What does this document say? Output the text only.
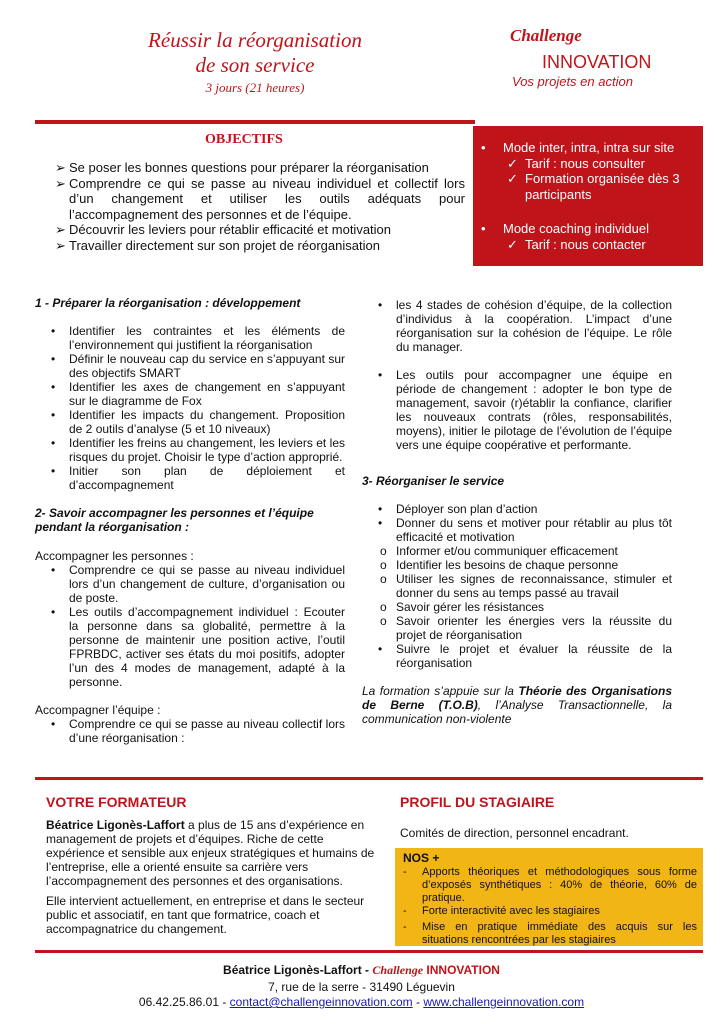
Réussir la réorganisation
de son service
3 jours (21 heures)
Challenge
INNOVATION
Vos projets en action
OBJECTIFS
➢ Se poser les bonnes questions pour préparer la réorganisation
➢ Comprendre ce qui se passe au niveau individuel et collectif lors d’un changement et utiliser les outils adéquats pour l’accompagnement des personnes et de l’équipe.
➢ Découvrir les leviers pour rétablir efficacité et motivation
➢ Travailler directement sur son projet de réorganisation
• Mode inter, intra, intra sur site
✓ Tarif : nous consulter
✓ Formation organisée dès 3 participants
• Mode coaching individuel
✓ Tarif : nous contacter
1 - Préparer la réorganisation : développement
• Identifier les contraintes et les éléments de l’environnement qui justifient la réorganisation
• Définir le nouveau cap du service en s’appuyant sur des objectifs SMART
• Identifier les axes de changement en s’appuyant sur le diagramme de Fox
• Identifier les impacts du changement. Proposition de 2 outils d’analyse (5 et 10 niveaux)
• Identifier les freins au changement, les leviers et les risques du projet. Choisir le type d’action approprié.
• Initier son plan de déploiement et d’accompagnement
2- Savoir accompagner les personnes et l’équipe pendant la réorganisation :
Accompagner les personnes :
• Comprendre ce qui se passe au niveau individuel lors d’un changement de culture, d’organisation ou de poste.
• Les outils d’accompagnement individuel : Ecouter la personne dans sa globalité, permettre à la personne de maintenir une position active, l’outil FPRBDC, activer ses états du moi positifs, adopter l’un des 4 modes de management, adapté à la personne.
Accompagner l’équipe :
• Comprendre ce qui se passe au niveau collectif lors d’une réorganisation :
• les 4 stades de cohésion d’équipe, de la collection d’individus à la coopération. L’impact d’une réorganisation sur la cohésion de l’équipe. Le rôle du manager.
• Les outils pour accompagner une équipe en période de changement : adopter le bon type de management, savoir (r)établir la confiance, clarifier les nouveaux contrats (rôles, responsabilités, moyens), initier le pilotage de l’évolution de l’équipe vers une équipe coopérative et performante.
3- Réorganiser le service
• Déployer son plan d’action
• Donner du sens et motiver pour rétablir au plus tôt efficacité et motivation
o Informer et/ou communiquer efficacement
o Identifier les besoins de chaque personne
o Utiliser les signes de reconnaissance, stimuler et donner du sens au temps passé au travail
o Savoir gérer les résistances
o Savoir orienter les énergies vers la réussite du projet de réorganisation
• Suivre le projet et évaluer la réussite de la réorganisation
La formation s’appuie sur la Théorie des Organisations de Berne (T.O.B), l’Analyse Transactionnelle, la communication non-violente
VOTRE FORMATEUR
Béatrice Ligonès-Laffort a plus de 15 ans d’expérience en management de projets et d’équipes. Riche de cette expérience et sensible aux enjeux stratégiques et humains de l’entreprise, elle a orienté ensuite sa carrière vers l’accompagnement des personnes et des organisations.
Elle intervient actuellement, en entreprise et dans le secteur public et associatif, en tant que formatrice, coach et accompagnatrice du changement.
PROFIL DU STAGIAIRE
Comités de direction, personnel encadrant.
NOS +
- Apports théoriques et méthodologiques sous forme d’exposés synthétiques : 40% de théorie, 60% de pratique.
- Forte interactivité avec les stagiaires
- Mise en pratique immédiate des acquis sur les situations rencontrées par les stagiaires
Béatrice Ligonès-Laffort - Challenge INNOVATION
7, rue de la serre - 31490 Léguevin
06.42.25.86.01 - contact@challengeinnovation.com - www.challengeinnovation.com
